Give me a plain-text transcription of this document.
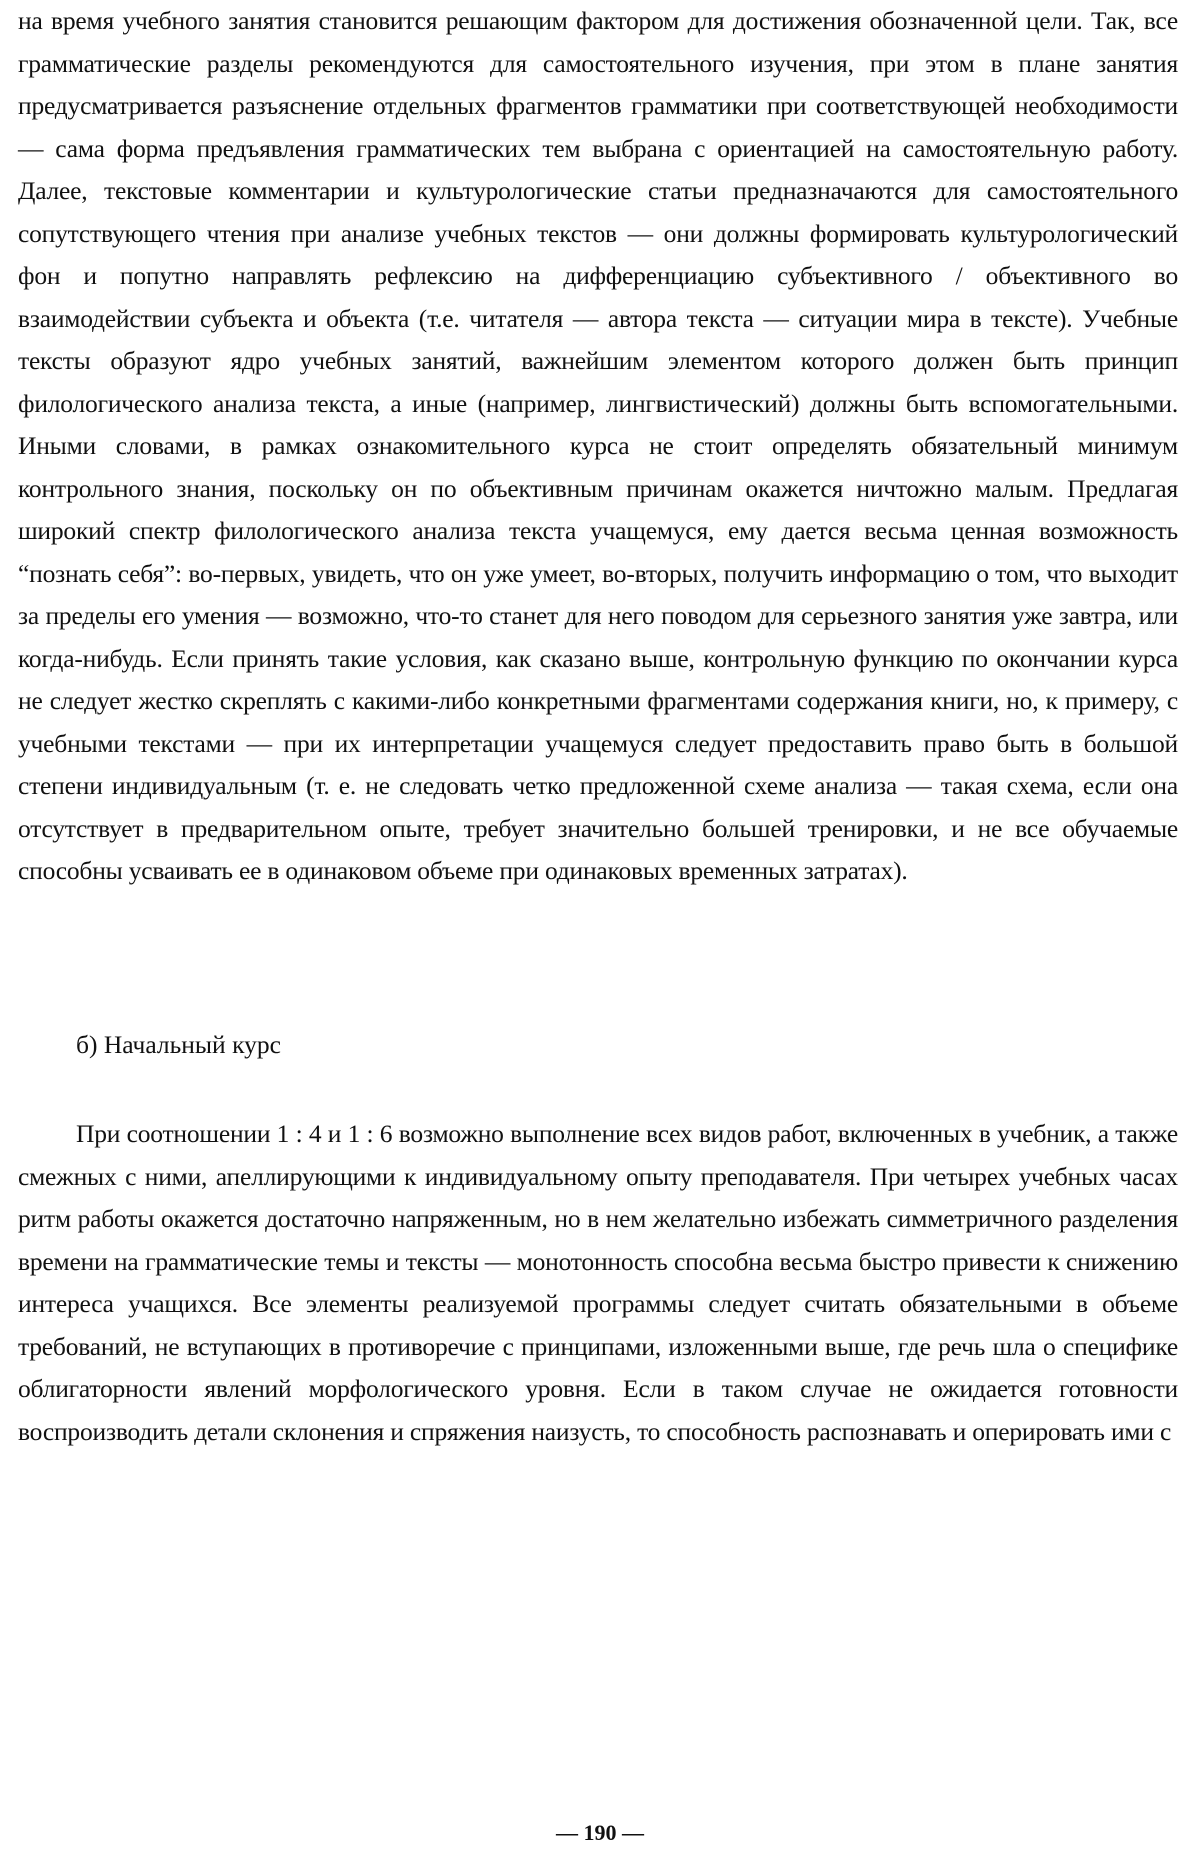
на время учебного занятия становится решающим фактором для достижения обозначенной цели. Так, все грамматические разделы рекомендуются для самостоятельного изучения, при этом в плане занятия предусматривается разъяснение отдельных фрагментов грамматики при соответствующей необходимости — сама форма предъявления грамматических тем выбрана с ориентацией на самостоятельную работу. Далее, текстовые комментарии и культурологические статьи предназначаются для самостоятельного сопутствующего чтения при анализе учебных текстов — они должны формировать культурологический фон и попутно направлять рефлексию на дифференциацию субъективного / объективного во взаимодействии субъекта и объекта (т.е. читателя — автора текста — ситуации мира в тексте). Учебные тексты образуют ядро учебных занятий, важнейшим элементом которого должен быть принцип филологического анализа текста, а иные (например, лингвистический) должны быть вспомогательными. Иными словами, в рамках ознакомительного курса не стоит определять обязательный минимум контрольного знания, поскольку он по объективным причинам окажется ничтожно малым. Предлагая широкий спектр филологического анализа текста учащемуся, ему дается весьма ценная возможность “познать себя”: во-первых, увидеть, что он уже умеет, во-вторых, получить информацию о том, что выходит за пределы его умения — возможно, что-то станет для него поводом для серьезного занятия уже завтра, или когда-нибудь. Если принять такие условия, как сказано выше, контрольную функцию по окончании курса не следует жестко скреплять с какими-либо конкретными фрагментами содержания книги, но, к примеру, с учебными текстами — при их интерпретации учащемуся следует предоставить право быть в большой степени индивидуальным (т. е. не следовать четко предложенной схеме анализа — такая схема, если она отсутствует в предварительном опыте, требует значительно большей тренировки, и не все обучаемые способны усваивать ее в одинаковом объеме при одинаковых временных затратах).

б) Начальный курс

При соотношении 1 : 4 и 1 : 6 возможно выполнение всех видов работ, включенных в учебник, а также смежных с ними, апеллирующими к индивидуальному опыту преподавателя. При четырех учебных часах ритм работы окажется достаточно напряженным, но в нем желательно избежать симметричного разделения времени на грамматические темы и тексты — монотонность способна весьма быстро привести к снижению интереса учащихся. Все элементы реализуемой программы следует считать обязательными в объеме требований, не вступающих в противоречие с принципами, изложенными выше, где речь шла о специфике облигаторности явлений морфологического уровня. Если в таком случае не ожидается готовности воспроизводить детали склонения и спряжения наизусть, то способность распознавать и оперировать ими с

— 190 —
